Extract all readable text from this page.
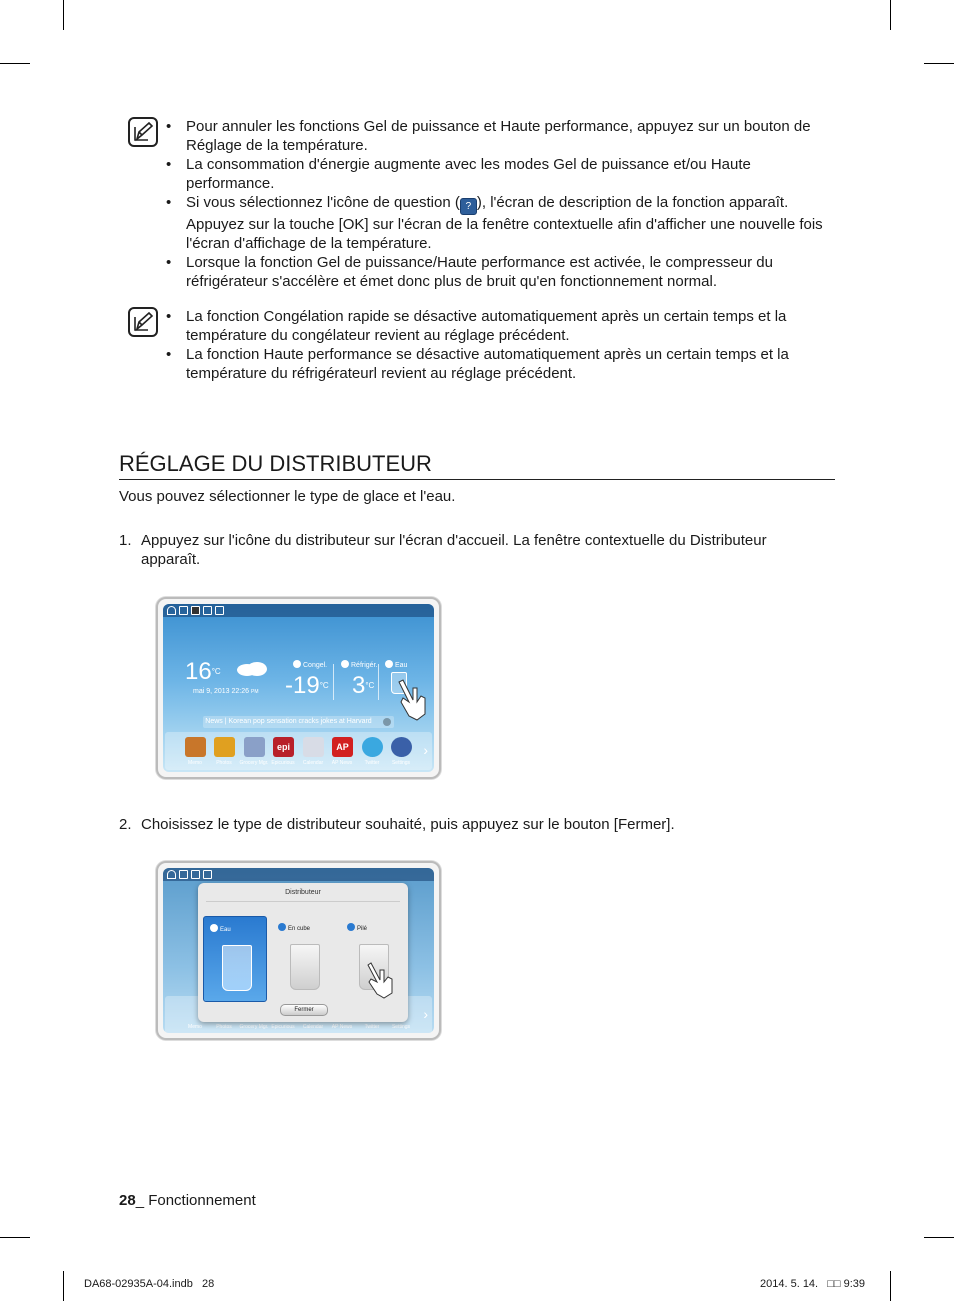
• Pour annuler les fonctions Gel de puissance et Haute performance, appuyez sur un bouton de Réglage de la température.
• La consommation d'énergie augmente avec les modes Gel de puissance et/ou Haute performance.
• Si vous sélectionnez l'icône de question ( ? ), l'écran de description de la fonction apparaît. Appuyez sur la touche [OK] sur l'écran de la fenêtre contextuelle afin d'afficher une nouvelle fois l'écran d'affichage de la température.
• Lorsque la fonction Gel de puissance/Haute performance est activée, le compresseur du réfrigérateur s'accélère et émet donc plus de bruit qu'en fonctionnement normal.
• La fonction Congélation rapide se désactive automatiquement après un certain temps et la température du congélateur revient au réglage précédent.
• La fonction Haute performance se désactive automatiquement après un certain temps et la température du réfrigérateurl revient au réglage précédent.
RÉGLAGE DU DISTRIBUTEUR
Vous pouvez sélectionner le type de glace et l'eau.
1. Appuyez sur l'icône du distributeur sur l'écran d'accueil. La fenêtre contextuelle du Distributeur apparaît.
$16^{^\circ C}$
mai 9, 2013 22:26 PM
Congel.
$-19^{^\circ C}$
Réfrigér.
$3^{^\circ C}$
Eau
News | Korean pop sensation cracks jokes at Harvard
Memo	Photos	Grocery Mgr.
epi
Epicurious	Calendar
AP
AP News	Twitter	Settings
›
2. Choisissez le type de distributeur souhaité, puis appuyez sur le bouton [Fermer].
Memo	Photos	Grocery Mgr. Epicurious	Calendar	AP News	Twitter	Settings
›
Distributeur
Eau	En cube	Pilé
Fermer
28_ Fonctionnement
DA68-02935A-04.indb   28	2014. 5. 14.   □□ 9:39
